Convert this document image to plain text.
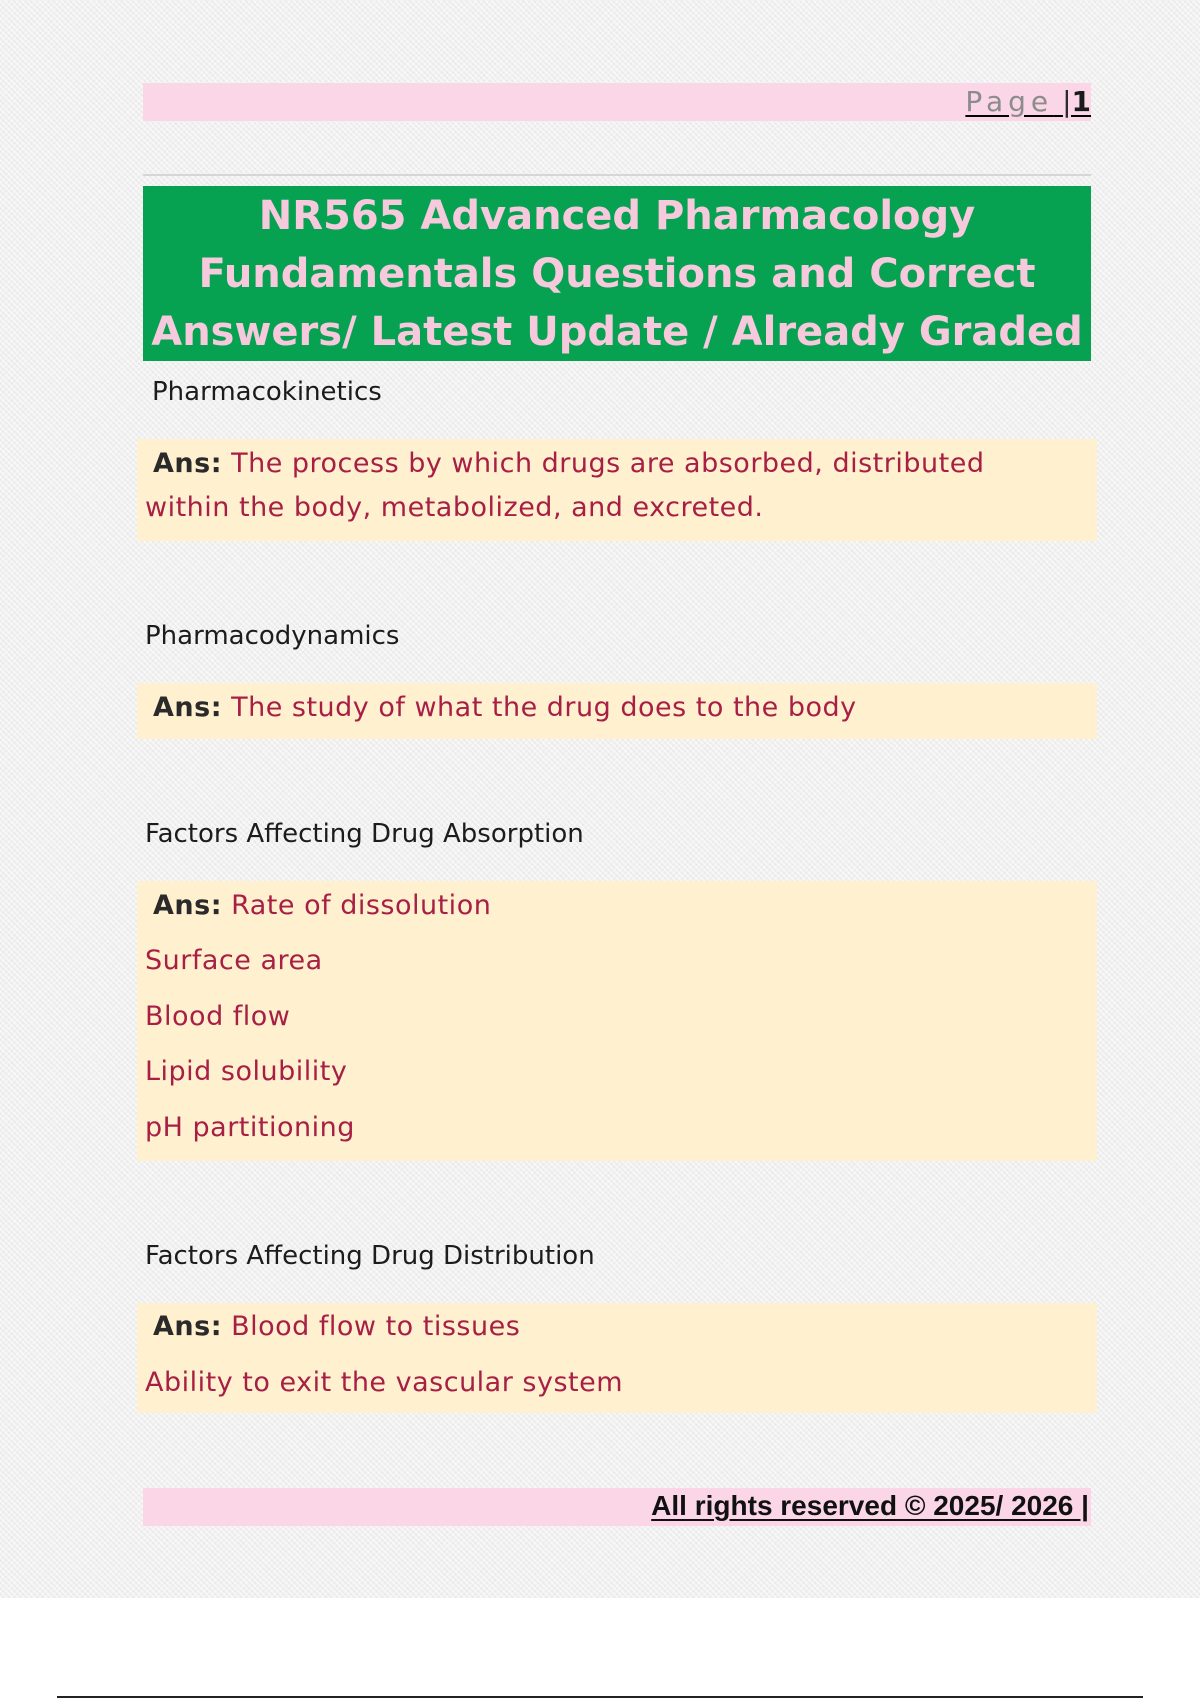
Page |1
NR565 Advanced Pharmacology
Fundamentals Questions and Correct
Answers/ Latest Update / Already Graded
Pharmacokinetics
Ans: The process by which drugs are absorbed, distributed
within the body, metabolized, and excreted.
Pharmacodynamics
Ans: The study of what the drug does to the body
Factors Affecting Drug Absorption
Ans: Rate of dissolution
Surface area
Blood flow
Lipid solubility
pH partitioning
Factors Affecting Drug Distribution
Ans: Blood flow to tissues
Ability to exit the vascular system
All rights reserved © 2025/ 2026 |
